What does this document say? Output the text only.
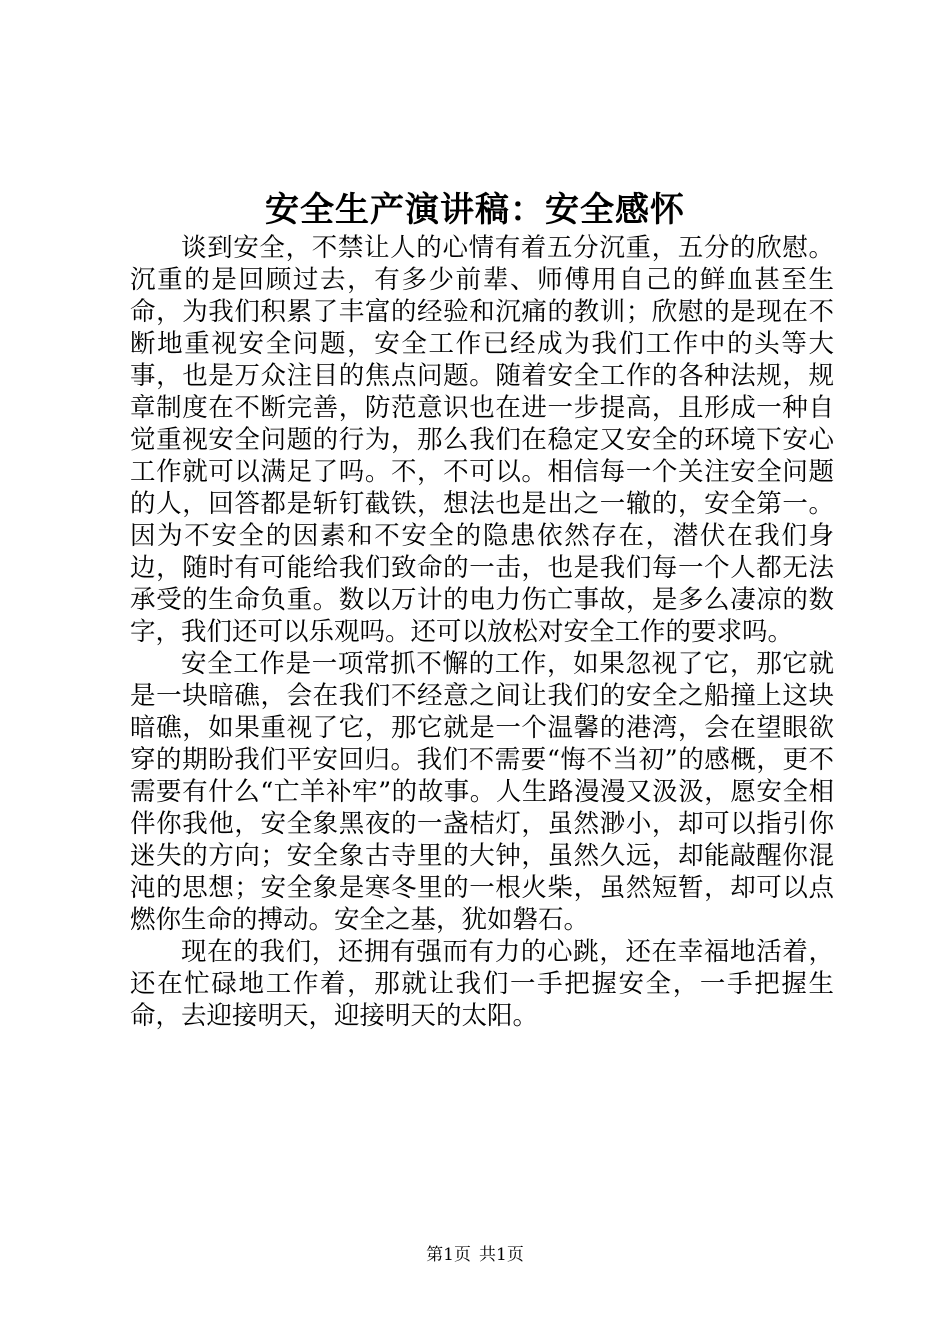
安全生产演讲稿：安全感怀

谈到安全，不禁让人的心情有着五分沉重，五分的欣慰。沉重的是回顾过去，有多少前辈、师傅用自己的鲜血甚至生命，为我们积累了丰富的经验和沉痛的教训；欣慰的是现在不断地重视安全问题，安全工作已经成为我们工作中的头等大事，也是万众注目的焦点问题。随着安全工作的各种法规，规章制度在不断完善，防范意识也在进一步提高，且形成一种自觉重视安全问题的行为，那么我们在稳定又安全的环境下安心工作就可以满足了吗。不，不可以。相信每一个关注安全问题的人，回答都是斩钉截铁，想法也是出之一辙的，安全第一。因为不安全的因素和不安全的隐患依然存在，潜伏在我们身边，随时有可能给我们致命的一击，也是我们每一个人都无法承受的生命负重。数以万计的电力伤亡事故，是多么凄凉的数字，我们还可以乐观吗。还可以放松对安全工作的要求吗。

安全工作是一项常抓不懈的工作，如果忽视了它，那它就是一块暗礁，会在我们不经意之间让我们的安全之船撞上这块暗礁，如果重视了它，那它就是一个温馨的港湾，会在望眼欲穿的期盼我们平安回归。我们不需要“悔不当初”的感概，更不需要有什么“亡羊补牢”的故事。人生路漫漫又汲汲，愿安全相伴你我他，安全象黑夜的一盏桔灯，虽然渺小，却可以指引你迷失的方向；安全象古寺里的大钟，虽然久远，却能敲醒你混沌的思想；安全象是寒冬里的一根火柴，虽然短暂，却可以点燃你生命的搏动。安全之基，犹如磐石。

现在的我们，还拥有强而有力的心跳，还在幸福地活着，还在忙碌地工作着，那就让我们一手把握安全，一手把握生命，去迎接明天，迎接明天的太阳。

第1页 共1页
